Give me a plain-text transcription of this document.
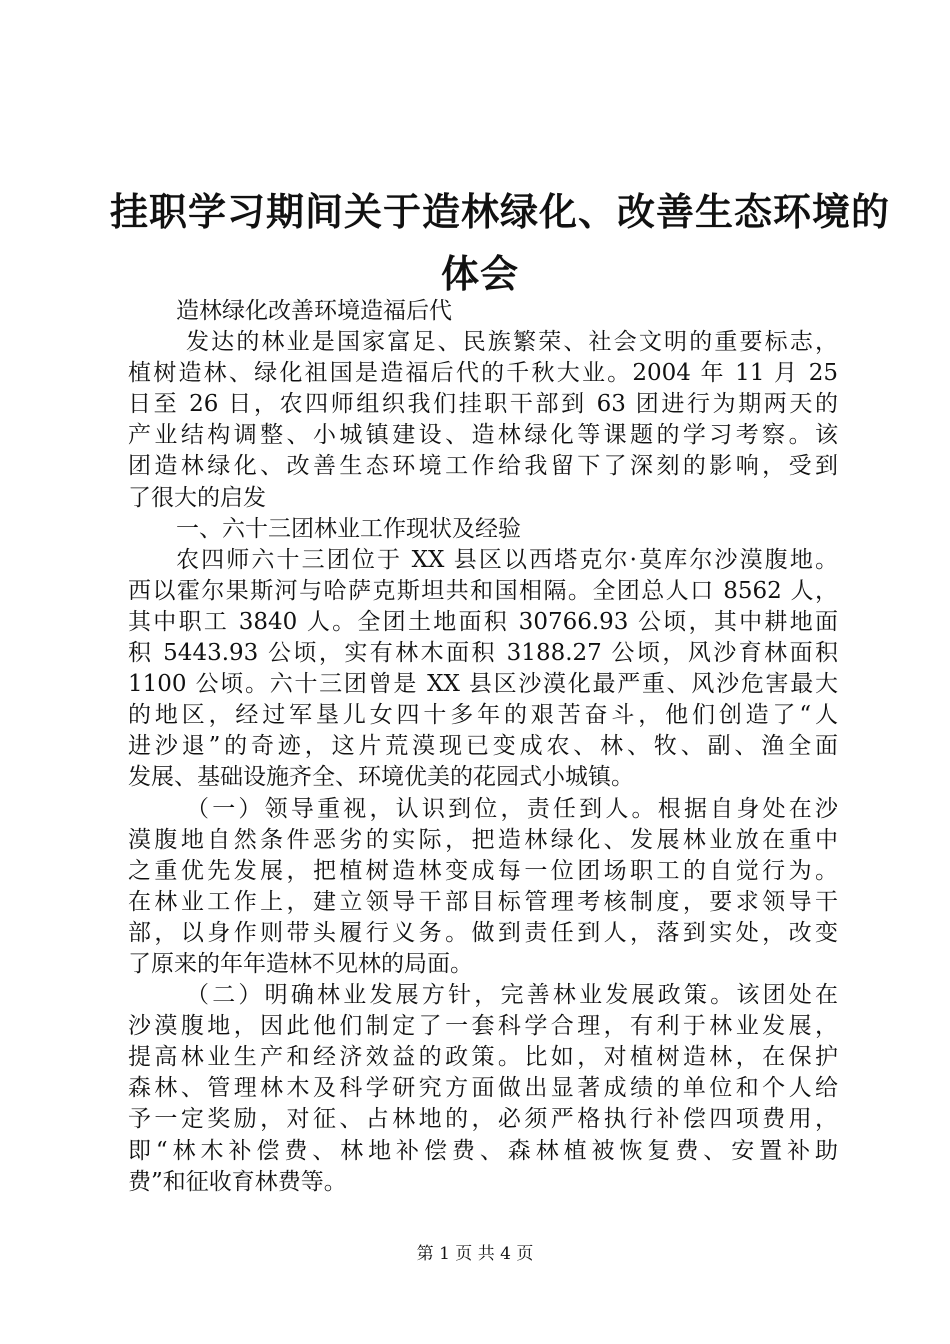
挂职学习期间关于造林绿化、改善生态环境的
体会
造林绿化改善环境造福后代
发达的林业是国家富足、民族繁荣、社会文明的重要标志，
植树造林、绿化祖国是造福后代的千秋大业。2004 年 11 月 25
日至 26 日，农四师组织我们挂职干部到 63 团进行为期两天的
产业结构调整、小城镇建设、造林绿化等课题的学习考察。该
团造林绿化、改善生态环境工作给我留下了深刻的影响，受到
了很大的启发
一、六十三团林业工作现状及经验
农四师六十三团位于 XX 县区以西塔克尔·莫库尔沙漠腹地。
西以霍尔果斯河与哈萨克斯坦共和国相隔。全团总人口 8562 人，
其中职工 3840 人。全团土地面积 30766.93 公顷，其中耕地面
积 5443.93 公顷，实有林木面积 3188.27 公顷，风沙育林面积
1100 公顷。六十三团曾是 XX 县区沙漠化最严重、风沙危害最大
的地区，经过军垦儿女四十多年的艰苦奋斗，他们创造了“人
进沙退”的奇迹，这片荒漠现已变成农、林、牧、副、渔全面
发展、基础设施齐全、环境优美的花园式小城镇。
（一）领导重视，认识到位，责任到人。根据自身处在沙
漠腹地自然条件恶劣的实际，把造林绿化、发展林业放在重中
之重优先发展，把植树造林变成每一位团场职工的自觉行为。
在林业工作上，建立领导干部目标管理考核制度，要求领导干
部，以身作则带头履行义务。做到责任到人，落到实处，改变
了原来的年年造林不见林的局面。
（二）明确林业发展方针，完善林业发展政策。该团处在
沙漠腹地，因此他们制定了一套科学合理，有利于林业发展，
提高林业生产和经济效益的政策。比如，对植树造林，在保护
森林、管理林木及科学研究方面做出显著成绩的单位和个人给
予一定奖励，对征、占林地的，必须严格执行补偿四项费用，
即“林木补偿费、林地补偿费、森林植被恢复费、安置补助
费”和征收育林费等。
第 1 页 共 4 页
